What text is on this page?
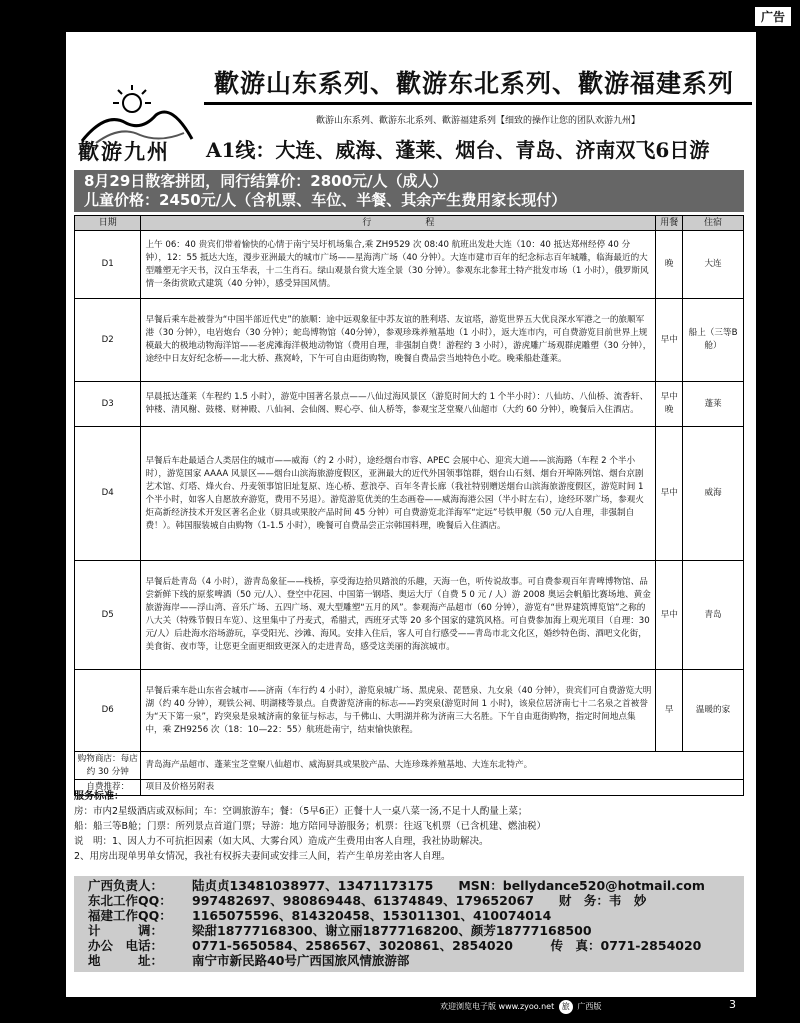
广告
歡游九州
歡游山东系列、歡游东北系列、歡游福建系列
歡游山东系列、歡游东北系列、歡游福建系列【细致的操作让您的团队欢游九州】
A1线：大连、威海、蓬莱、烟台、青岛、济南双飞6日游
8月29日散客拼团，同行结算价：2800元/人（成人）
儿童价格：2450元/人（含机票、车位、半餐、其余产生费用家长现付）
日期	行　　　　　　程	用餐	住宿
D1	上午 06：40 贵宾们带着愉快的心情于南宁吴圩机场集合,乘 ZH9529 次 08:40 航班出发赴大连（10：40 抵达郑州经停 40 分钟），12：55 抵达大连，漫步亚洲最大的城市广场——星海湾广场（40 分钟）。大连市建市百年的纪念标志百年城雕，临海最近的大型雕塑无字天书，汉白玉华表，十二生肖石。绿山观景台赏大连全景（30 分钟）。参观东北参茸土特产批发市场（1 小时），俄罗斯风情一条街赏欧式建筑（40 分钟），感受异国风情。	晚	大连
D2	早餐后乘车赴被誉为“中国半部近代史”的旅顺：途中远观象征中苏友谊的胜利塔、友谊塔，游览世界五大优良深水军港之一的旅顺军港（30 分钟），电岩炮台（30 分钟）；蛇岛博物馆（40分钟），参观珍珠养殖基地（1 小时），返大连市内，可自费游览目前世界上规模最大的极地动物海洋馆——老虎滩海洋极地动物馆（费用自理，非强制自费！游程约 3 小时），游虎雕广场观群虎雕塑（30 分钟），途经中日友好纪念桥——北大桥、燕窝岭，下午可自由逛街购物，晚餐自费品尝当地特色小吃。晚乘船赴蓬莱。	早中	船上（三等B舱）
D3	早晨抵达蓬莱（车程约 1.5 小时），游览中国著名景点——八仙过海风景区（游览时间大约 1 个半小时）：八仙坊、八仙桥、流香轩、钟楼、清风榭、鼓楼、财神殿、八仙祠、会仙阁、赆心亭、仙人桥等，参观宝芝堂聚八仙超市（大约 60 分钟），晚餐后入住酒店。	早中晚	蓬莱
D4	早餐后车赴最适合人类居住的城市——威海（约 2 小时），途经烟台市容、APEC 会展中心、迎宾大道——滨海路（车程 2 个半小时），游览国家 AAAA 风景区——烟台山滨海旅游度假区，亚洲最大的近代外国领事馆群，烟台山石刻、烟台开埠陈列馆、烟台京剧艺术馆、灯塔、烽火台、丹麦领事馆旧址复原、连心桥、惹浪亭、百年冬青长廊（我社特别赠送烟台山滨海旅游度假区，游览时间 1 个半小时，如客人自愿放弃游览，费用不另退）。游览游览优美的生态画卷——威海海港公园（半小时左右），途经环翠广场，参观火炬高新经济技术开发区著名企业（厨具或果胶产品时间 45 分钟）可自费游览北洋海军“定远”号铁甲舰（50 元/人自理，非强制自费！）。韩国服装城自由购物（1-1.5 小时），晚餐可自费品尝正宗韩国料理，晚餐后入住酒店。	早中	威海
D5	早餐后赴青岛（4 小时），游青岛象征——栈桥，享受海边拾贝踏浪的乐趣，天海一色，听传说故事。可自费参观百年青啤博物馆、品尝新鲜下线的原浆啤酒（50 元/人）、登空中花园、中国第一钢塔、奥运大厅（自费 5 0 元 / 人）游 2008 奥运会帆船比赛场地、黄金旅游海岸——浮山湾、音乐广场、五四广场、观大型雕塑“五月的风”。参观海产品超市（60 分钟），游览有“世界建筑博览馆”之称的八大关（特殊节假日车览）、这里集中了丹麦式，希腊式，西班牙式等 20 多个国家的建筑风格。可自费参加海上观光项目（自理：30 元/人）后赴海水浴场游玩，享受阳光、沙滩、海风。安排入住后，客人可自行感受——青岛市北文化区，婚纱特色街、酒吧文化街，美食街、夜市等，让您更全面更细致更深入的走进青岛，感受这美丽的海滨城市。	早中	青岛
D6	早餐后乘车赴山东省会城市——济南（车行约 4 小时），游览泉城广场、黑虎泉、琵琶泉、九女泉（40 分钟），贵宾们可自费游览大明湖（约 40 分钟），观铁公祠、明湖楼等景点。自费游览济南的标志——趵突泉(游览时间 1 小时)，该泉位居济南七十二名泉之首被誉为“天下第一泉”，趵突泉是泉城济南的象征与标志，与千佛山、大明湖并称为济南三大名胜。下午自由逛街购物，指定时间地点集中，乘 ZH9256 次（18：10—22：55）航班赴南宁，结束愉快旅程。	早	温暖的家
购物商店：每店约 30 分钟	青岛海产品超市、蓬莱宝芝堂聚八仙超市、威海厨具或果胶产品、大连珍珠养殖基地、大连东北特产。		
自费推荐：	项目及价格另附表		
服务标准：
房：市内2星级酒店或双标间；车：空调旅游车；餐：（5早6正）正餐十人一桌八菜一汤,不足十人酌量上菜；
船：船三等B舱；门票：所列景点首道门票；导游：地方陪同导游服务；机票：往返飞机票（已含机建、燃油税）
说　明：1、因人力不可抗拒因素（如大风、大雾台风）造成产生费用由客人自理，我社协助解决。
2、用房出现单男单女情况，我社有权拆夫妻间或安排三人间，若产生单房差由客人自理。
广西负责人： 陆贞贞13481038977、13471173175　　MSN：bellydance520@hotmail.com
东北工作QQ： 997482697、980869448、61374849、179652067　　财　务：韦　妙
福建工作QQ： 1165075596、814320458、153011301、410074014
计　　　调： 梁甜18777168300、谢立丽18777168200、颜芳18777168500
办公　电话： 0771-5650584、2586567、3020861、2854020　　　传　真：0771-2854020
地　　　址： 南宁市新民路40号广西国旅风情旅游部
欢迎浏览电子版 www.zyoo.net 旅 广西版	3
